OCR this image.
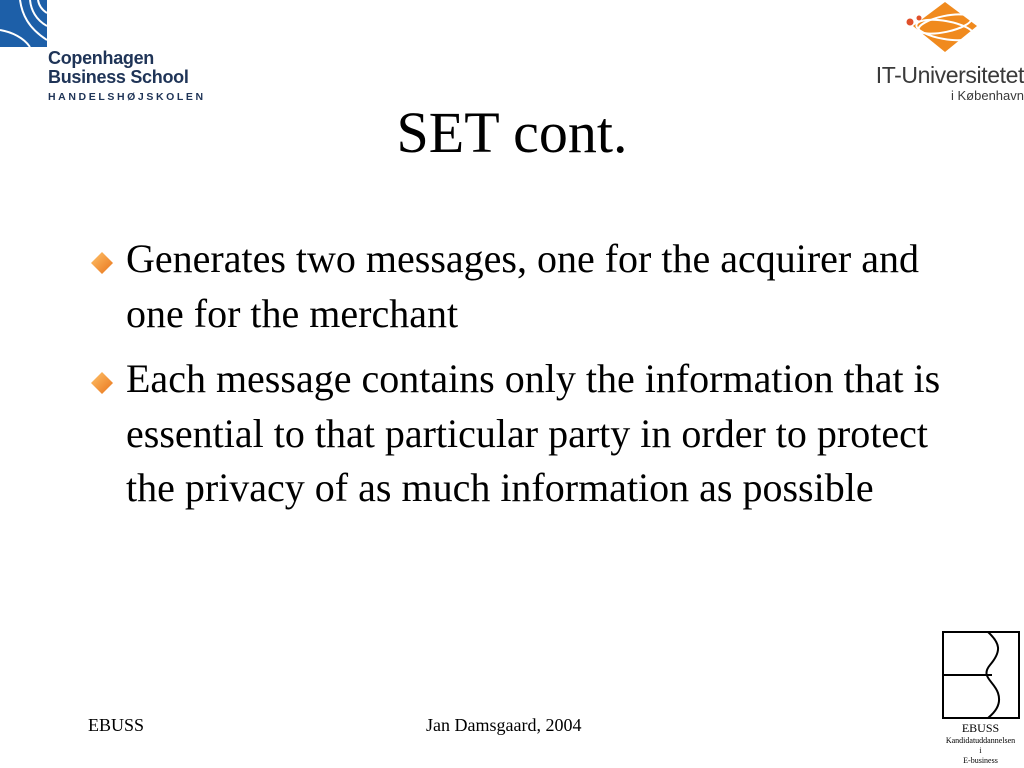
Copenhagen
Business School
HANDELSHØJSKOLEN
IT-Universitetet
i København
SET cont.
Generates two messages, one for the acquirer and one for the merchant
Each message contains only the information that is essential to that particular party in order to protect the privacy of as much information as possible
EBUSS	Jan Damsgaard, 2004	EBUSS
Kandidatuddannelsen
i
E-business
